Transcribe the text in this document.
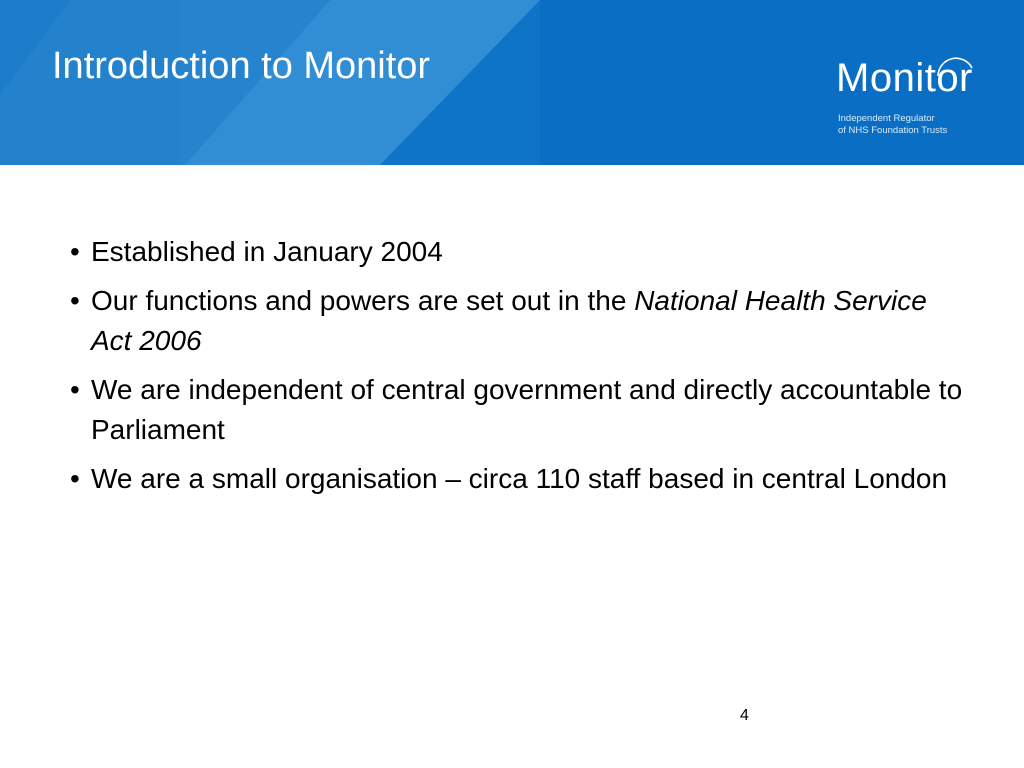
Introduction to Monitor	Monitor
Independent Regulator
of NHS Foundation Trusts
• Established in January 2004
• Our functions and powers are set out in the National Health Service Act 2006
• We are independent of central government and directly accountable to Parliament
• We are a small organisation – circa 110 staff based in central London
4
